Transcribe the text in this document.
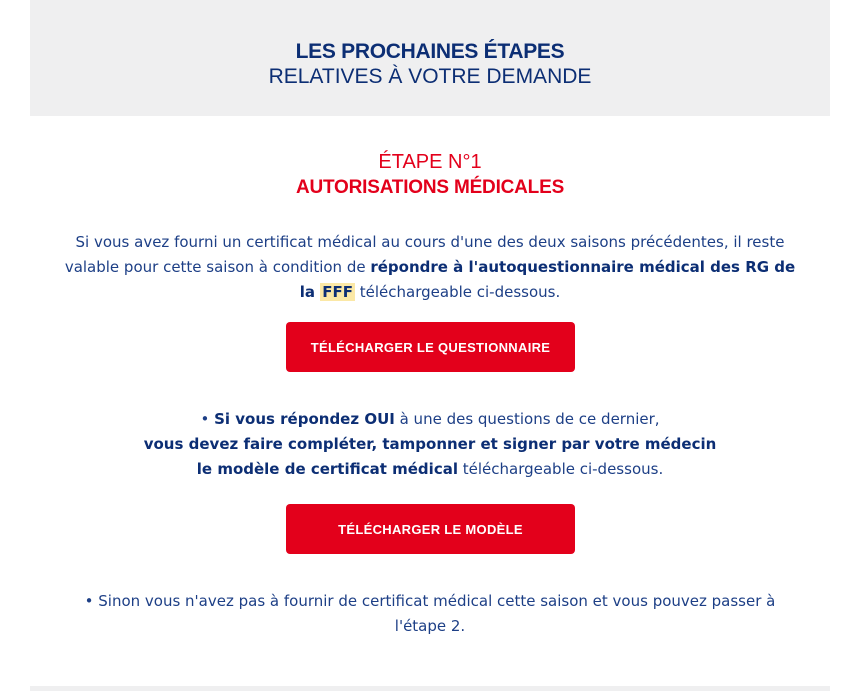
LES PROCHAINES ÉTAPES
RELATIVES À VOTRE DEMANDE
ÉTAPE N°1
AUTORISATIONS MÉDICALES
Si vous avez fourni un certificat médical au cours d'une des deux saisons précédentes, il reste valable pour cette saison à condition de répondre à l'autoquestionnaire médical des RG de la FFF téléchargeable ci-dessous.
TÉLÉCHARGER LE QUESTIONNAIRE
• Si vous répondez OUI à une des questions de ce dernier,
vous devez faire compléter, tamponner et signer par votre médecin
le modèle de certificat médical téléchargeable ci-dessous.
TÉLÉCHARGER LE MODÈLE
• Sinon vous n'avez pas à fournir de certificat médical cette saison et vous pouvez passer à l'étape 2.
